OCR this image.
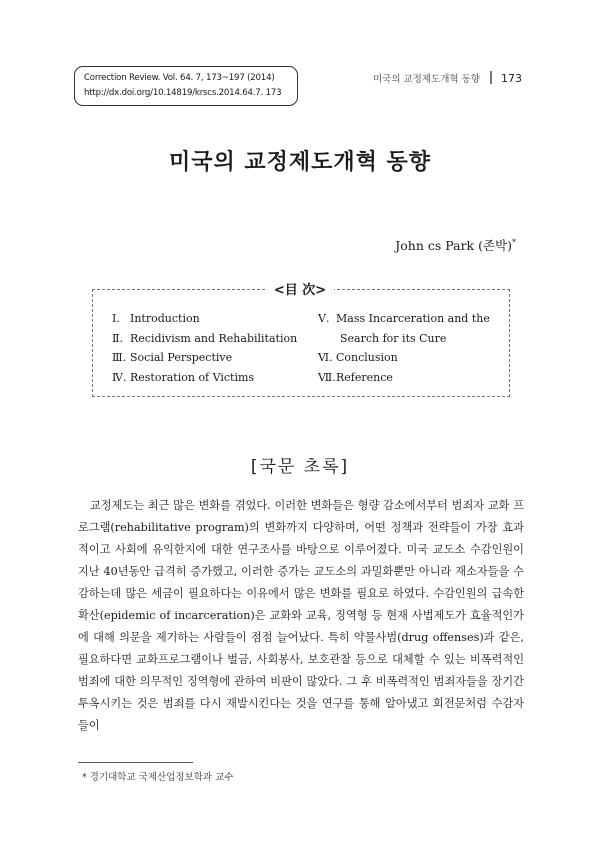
Correction Review. Vol. 64. 7, 173~197 (2014)
http://dx.doi.org/10.14819/krscs.2014.64.7. 173
미국의 교정제도개혁 동향 173
미국의 교정제도개혁 동향
John cs Park (존박)*
<目 次>
Ⅰ. Introduction
Ⅱ. Recidivism and Rehabilitation
Ⅲ. Social Perspective
Ⅳ. Restoration of Victims
Ⅴ. Mass Incarceration and the
Search for its Cure
Ⅵ. Conclusion
Ⅶ.Reference
[국문 초록]

교정제도는 최근 많은 변화를 겪었다. 이러한 변화들은 형량 감소에서부터 범죄자 교화 프로그램(rehabilitative program)의 변화까지 다양하며, 어떤 정책과 전략들이 가장 효과적이고 사회에 유익한지에 대한 연구조사를 바탕으로 이루어졌다. 미국 교도소 수감인원이 지난 40년동안 급격히 증가했고, 이러한 증가는 교도소의 과밀화뿐만 아니라 재소자들을 수감하는데 많은 세금이 필요하다는 이유에서 많은 변화를 필요로 하였다. 수감인원의 급속한 확산(epidemic of incarceration)은 교화와 교육, 징역형 등 현재 사법제도가 효율적인가에 대해 의문을 제기하는 사람들이 점점 늘어났다. 특히 약물사범(drug offenses)과 같은, 필요하다면 교화프로그램이나 벌금, 사회봉사, 보호관찰 등으로 대체할 수 있는 비폭력적인 범죄에 대한 의무적인 징역형에 관하여 비판이 많았다. 그 후 비폭력적인 범죄자들을 장기간 투옥시키는 것은 범죄를 다시 재발시킨다는 것을 연구를 통해 알아냈고 회전문처럼 수감자들이

* 경기대학교 국제산업정보학과 교수
